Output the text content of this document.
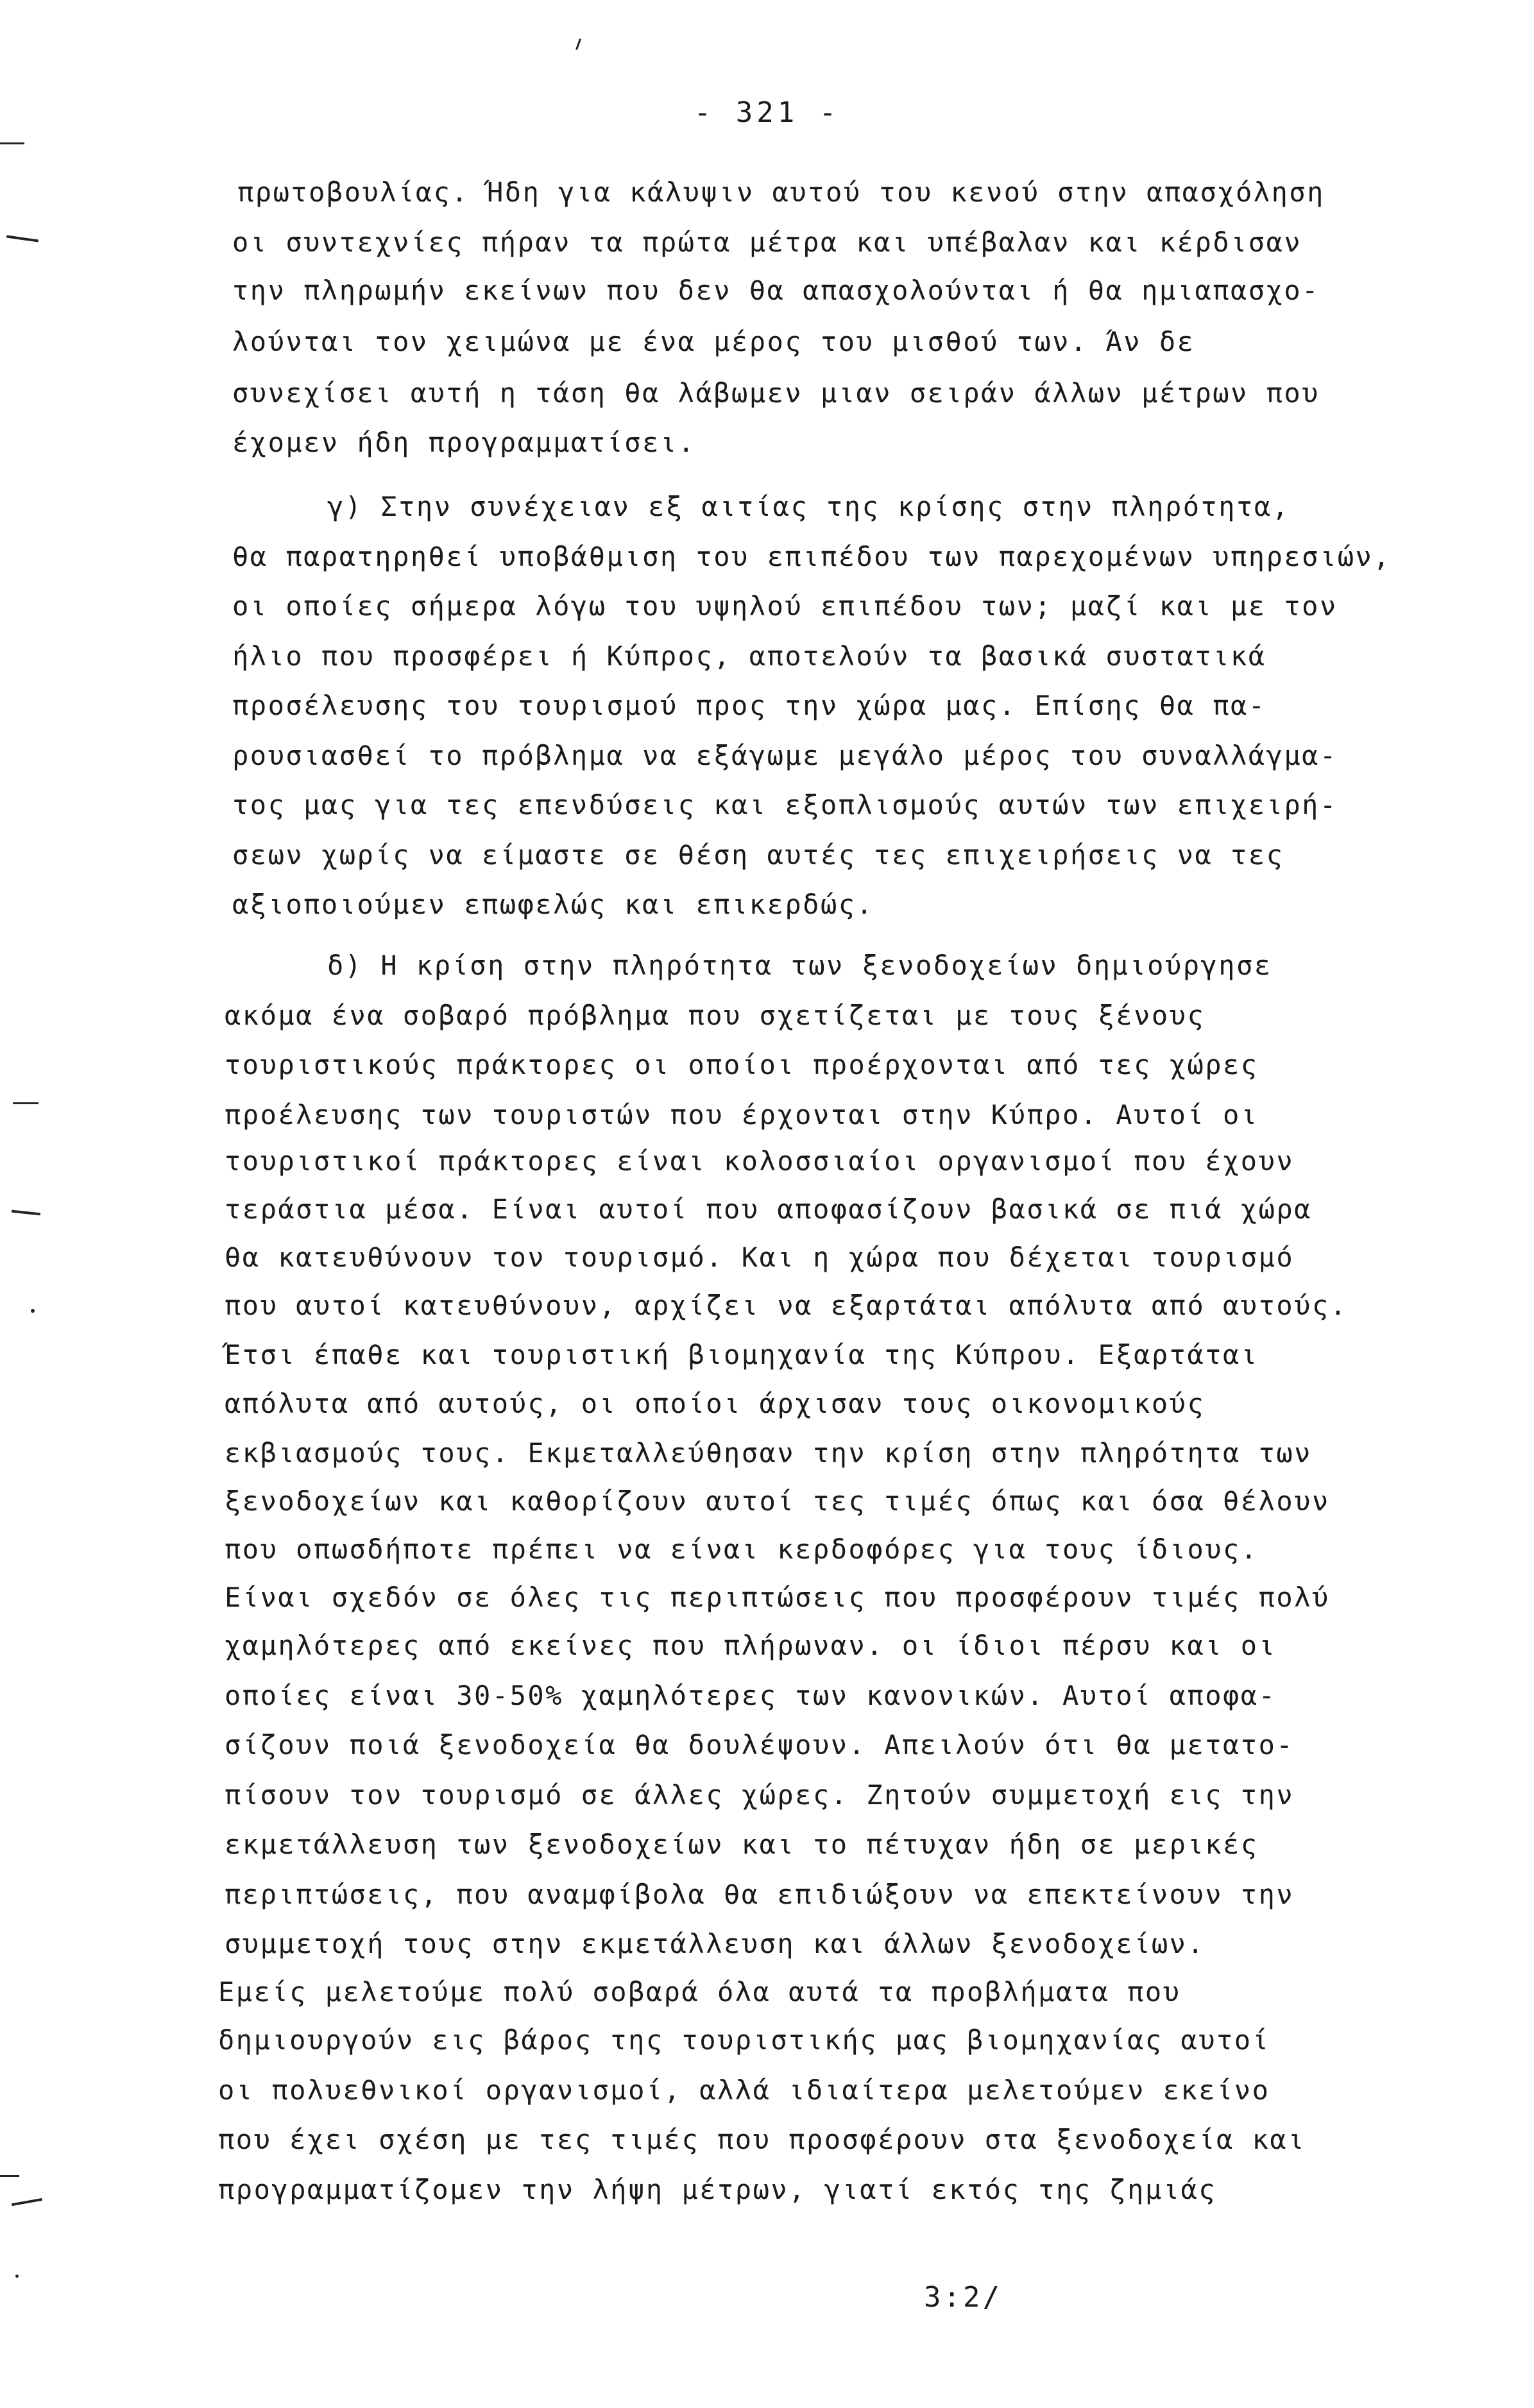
- 321 -
πρωτοβουλίας. Ήδη για κάλυψιν αυτού του κενού στην απασχόληση
οι συντεχνίες πήραν τα πρώτα μέτρα και υπέβαλαν και κέρδισαν
την πληρωμήν εκείνων που δεν θα απασχολούνται ή θα ημιαπασχο-
λούνται τον χειμώνα με ένα μέρος του μισθού των. Άν δε
συνεχίσει αυτή η τάση θα λάβωμεν μιαν σειράν άλλων μέτρων που
έχομεν ήδη προγραμματίσει.
γ) Στην συνέχειαν εξ αιτίας της κρίσης στην πληρότητα,
θα παρατηρηθεί υποβάθμιση του επιπέδου των παρεχομένων υπηρεσιών,
οι οποίες σήμερα λόγω του υψηλού επιπέδου των; μαζί και με τον
ήλιο που προσφέρει ή Κύπρος, αποτελούν τα βασικά συστατικά
προσέλευσης του τουρισμού προς την χώρα μας. Επίσης θα πα-
ρουσιασθεί το πρόβλημα να εξάγωμε μεγάλο μέρος του συναλλάγμα-
τος μας για τες επενδύσεις και εξοπλισμούς αυτών των επιχειρή-
σεων χωρίς να είμαστε σε θέση αυτές τες επιχειρήσεις να τες
αξιοποιούμεν επωφελώς και επικερδώς.
δ) Η κρίση στην πληρότητα των ξενοδοχείων δημιούργησε
ακόμα ένα σοβαρό πρόβλημα που σχετίζεται με τους ξένους
τουριστικούς πράκτορες οι οποίοι προέρχονται από τες χώρες
προέλευσης των τουριστών που έρχονται στην Κύπρο. Αυτοί οι
τουριστικοί πράκτορες είναι κολοσσιαίοι οργανισμοί που έχουν
τεράστια μέσα. Είναι αυτοί που αποφασίζουν βασικά σε πιά χώρα
θα κατευθύνουν τον τουρισμό. Και η χώρα που δέχεται τουρισμό
που αυτοί κατευθύνουν, αρχίζει να εξαρτάται απόλυτα από αυτούς.
Έτσι έπαθε και τουριστική βιομηχανία της Κύπρου. Εξαρτάται
απόλυτα από αυτούς, οι οποίοι άρχισαν τους οικονομικούς
εκβιασμούς τους. Εκμεταλλεύθησαν την κρίση στην πληρότητα των
ξενοδοχείων και καθορίζουν αυτοί τες τιμές όπως και όσα θέλουν
που οπωσδήποτε πρέπει να είναι κερδοφόρες για τους ίδιους.
Είναι σχεδόν σε όλες τις περιπτώσεις που προσφέρουν τιμές πολύ
χαμηλότερες από εκείνες που πλήρωναν. οι ίδιοι πέρσυ και οι
οποίες είναι 30-50% χαμηλότερες των κανονικών. Αυτοί αποφα-
σίζουν ποιά ξενοδοχεία θα δουλέψουν. Απειλούν ότι θα μετατο-
πίσουν τον τουρισμό σε άλλες χώρες. Ζητούν συμμετοχή εις την
εκμετάλλευση των ξενοδοχείων και το πέτυχαν ήδη σε μερικές
περιπτώσεις, που αναμφίβολα θα επιδιώξουν να επεκτείνουν την
συμμετοχή τους στην εκμετάλλευση και άλλων ξενοδοχείων.
Εμείς μελετούμε πολύ σοβαρά όλα αυτά τα προβλήματα που
δημιουργούν εις βάρος της τουριστικής μας βιομηχανίας αυτοί
οι πολυεθνικοί οργανισμοί, αλλά ιδιαίτερα μελετούμεν εκείνο
που έχει σχέση με τες τιμές που προσφέρουν στα ξενοδοχεία και
προγραμματίζομεν την λήψη μέτρων, γιατί εκτός της ζημιάς
3:2/
